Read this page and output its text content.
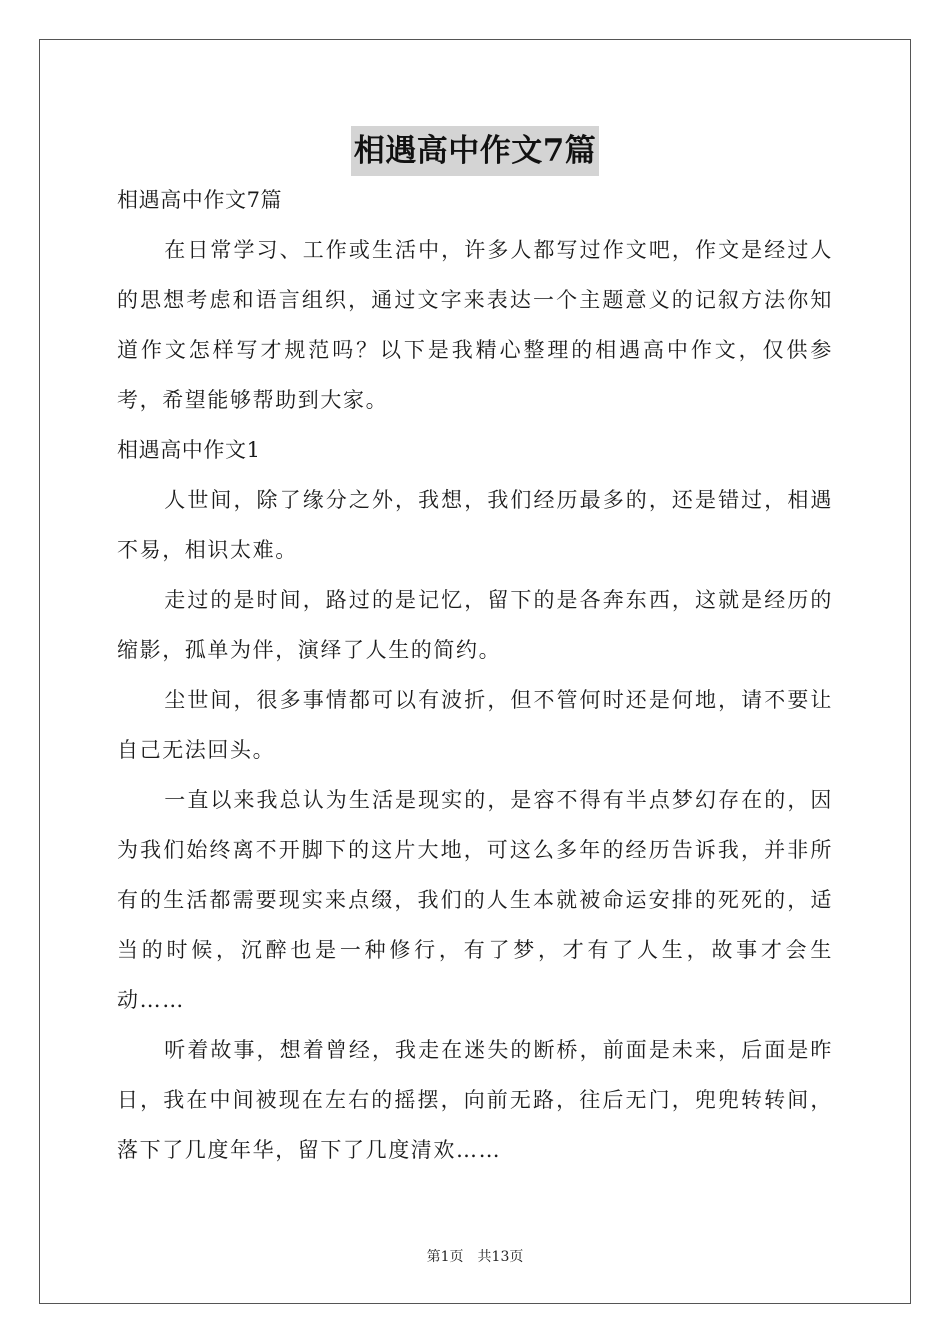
相遇高中作文7篇

相遇高中作文7篇

在日常学习、工作或生活中，许多人都写过作文吧，作文是经过人的思想考虑和语言组织，通过文字来表达一个主题意义的记叙方法你知道作文怎样写才规范吗？以下是我精心整理的相遇高中作文，仅供参考，希望能够帮助到大家。

相遇高中作文1

人世间，除了缘分之外，我想，我们经历最多的，还是错过，相遇不易，相识太难。

走过的是时间，路过的是记忆，留下的是各奔东西，这就是经历的缩影，孤单为伴，演绎了人生的简约。

尘世间，很多事情都可以有波折，但不管何时还是何地，请不要让自己无法回头。

一直以来我总认为生活是现实的，是容不得有半点梦幻存在的，因为我们始终离不开脚下的这片大地，可这么多年的经历告诉我，并非所有的生活都需要现实来点缀，我们的人生本就被命运安排的死死的，适当的时候，沉醉也是一种修行，有了梦，才有了人生，故事才会生动……

听着故事，想着曾经，我走在迷失的断桥，前面是未来，后面是昨日，我在中间被现在左右的摇摆，向前无路，往后无门，兜兜转转间，落下了几度年华，留下了几度清欢……

第1页 共13页
